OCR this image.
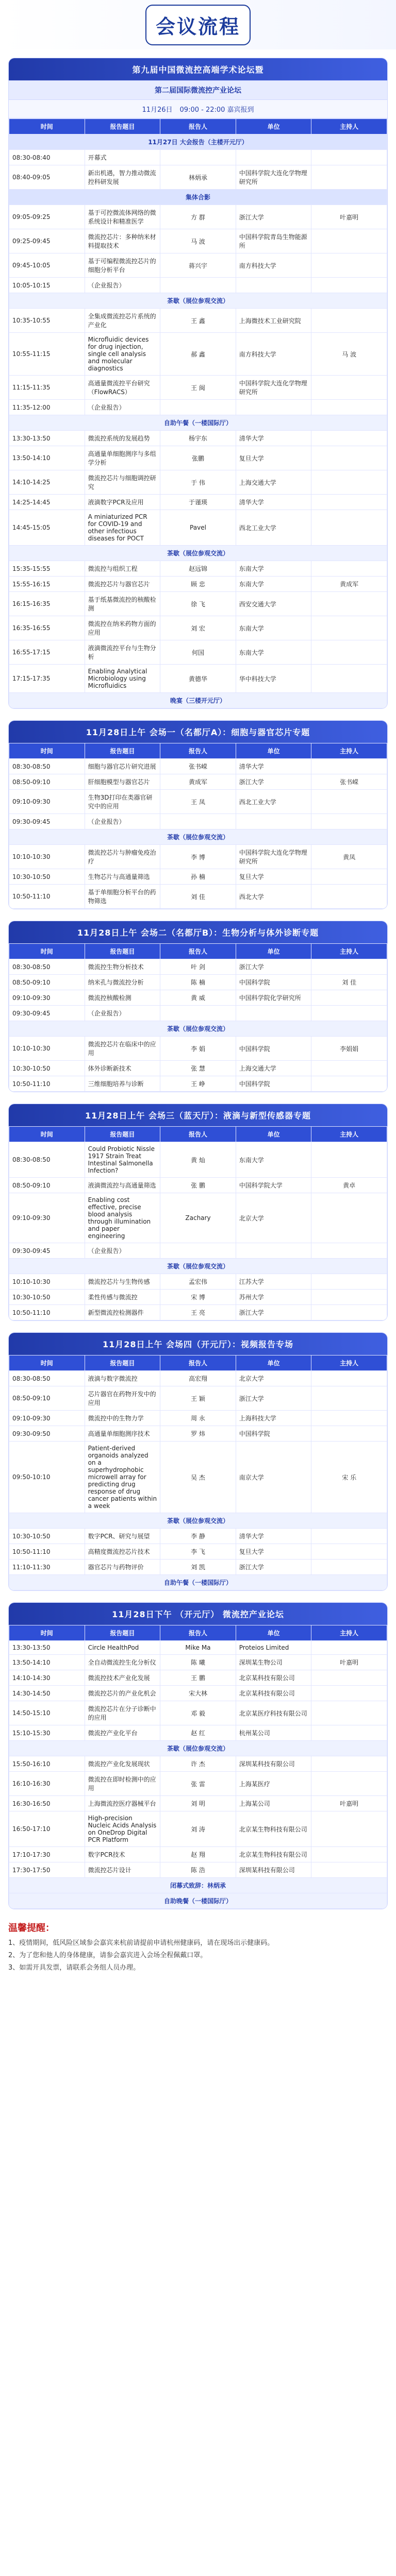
会议流程
第九届中国微流控高端学术论坛暨
第二届国际微流控产业论坛
11月26日 09:00 - 22:00 嘉宾报到
时间	报告题目	报告人	单位	主持人
11月27日 大会报告（主楼开元厅）				
08:30-08:40	开幕式			
08:40-09:05	新出机遇，智力推动微流控科研发展	林炳承	中国科学院大连化学物理研究所	
集体合影				
09:05-09:25	基于可控微流体网络的微系统设计和精准医学	方 群	浙江大学	叶嘉明
09:25-09:45	微流控芯片：多种纳米材料提取技术	马 波	中国科学院青岛生物能源所	
09:45-10:05	基于可编程微流控芯片的细胞分析平台	蒋兴宇	南方科技大学	
10:05-10:15	（企业报告）			
茶歇（展位参观交流）				
10:35-10:55	全集成微流控芯片系统的产业化	王 鑫	上海微技术工业研究院	
10:55-11:15	Microfluidic devices for drug injection, single cell analysis and molecular diagnostics	郝 鑫	南方科技大学	马 波
11:15-11:35	高通量微流控平台研究（FlowRACS）	王 闽	中国科学院大连化学物理研究所	
11:35-12:00	（企业报告）			
自助午餐（一楼国际厅）				
13:30-13:50	微流控系统的发展趋势	杨宇东	清华大学	
13:50-14:10	高通量单细胞测序与多组学分析	张鹏	复旦大学	
14:10-14:25	微流控芯片与细胞调控研究	于 伟	上海交通大学	
14:25-14:45	液滴数字PCR及应用	于谨瑛	清华大学	
14:45-15:05	A miniaturized PCR for COVID-19 and other infectious diseases for POCT	Pavel	西北工业大学	
茶歇（展位参观交流）				
15:35-15:55	微流控与组织工程	赵远锦	东南大学	
15:55-16:15	微流控芯片与器官芯片	顾 忠	东南大学	黄成军
16:15-16:35	基于纸基微流控的核酸检测	徐 飞	西安交通大学	
16:35-16:55	微流控在纳米药物方面的应用	刘 宏	东南大学	
16:55-17:15	液滴微流控平台与生物分析	何国	东南大学	
17:15-17:35	Enabling Analytical Microbiology using Microfluidics	黄德华	华中科技大学	
晚宴（三楼开元厅）				
11月28日上午 会场一（名都厅A）：细胞与器官芯片专题
时间	报告题目	报告人	单位	主持人
08:30-08:50	细胞与器官芯片研究进展	张书嵘	清华大学	
08:50-09:10	肝细胞模型与器官芯片	黄成军	浙江大学	张书嵘
09:10-09:30	生物3D打印在类器官研究中的应用	王 凤	西北工业大学	
09:30-09:45	（企业报告）			
茶歇（展位参观交流）				
10:10-10:30	微流控芯片与肿瘤免疫治疗	李 博	中国科学院大连化学物理研究所	黄凤
10:30-10:50	生物芯片与高通量筛选	孙 楠	复旦大学	
10:50-11:10	基于单细胞分析平台的药物筛选	刘 佳	西北大学	
11月28日上午 会场二（名都厅B）：生物分析与体外诊断专题
时间	报告题目	报告人	单位	主持人
08:30-08:50	微流控生物分析技术	叶 剑	浙江大学	
08:50-09:10	纳米孔与微流控分析	陈 楠	中国科学院	刘 佳
09:10-09:30	微流控核酸检测	黄 威	中国科学院化学研究所	
09:30-09:45	（企业报告）			
茶歇（展位参观交流）				
10:10-10:30	微流控芯片在临床中的应用	李 娟	中国科学院	李娟娟
10:30-10:50	体外诊断新技术	张 慧	上海交通大学	
10:50-11:10	三维细胞培养与诊断	王 峥	中国科学院	
11月28日上午 会场三（蓝天厅）：液滴与新型传感器专题
时间	报告题目	报告人	单位	主持人
08:30-08:50	Could Probiotic Nissle 1917 Strain Treat Intestinal Salmonella Infection?	黄 灿	东南大学	
08:50-09:10	液滴微流控与高通量筛选	张 鹏	中国科学院大学	黄卓
09:10-09:30	Enabling cost effective, precise blood analysis through illumination and paper engineering	Zachary	北京大学	
09:30-09:45	（企业报告）			
茶歇（展位参观交流）				
10:10-10:30	微流控芯片与生物传感	孟宏伟	江苏大学	
10:30-10:50	柔性传感与微流控	宋 博	苏州大学	
10:50-11:10	新型微流控检测器件	王 亮	浙江大学	
11月28日上午 会场四（开元厅）：视频报告专场
时间	报告题目	报告人	单位	主持人
08:30-08:50	液滴与数字微流控	高宏翔	北京大学	
08:50-09:10	芯片器官在药物开发中的应用	王 颖	浙江大学	
09:10-09:30	微流控中的生物力学	周 永	上海科技大学	
09:30-09:50	高通量单细胞测序技术	罗 炜	中国科学院	
09:50-10:10	Patient-derived organoids analyzed on a superhydrophobic microwell array for predicting drug response of drug cancer patients within a week	吴 杰	南京大学	宋 乐
茶歇（展位参观交流）				
10:30-10:50	数字PCR、研究与展望	李 静	清华大学	
10:50-11:10	高精度微流控芯片技术	李 飞	复旦大学	
11:10-11:30	器官芯片与药物评价	刘 凯	浙江大学	
自助午餐（一楼国际厅）				
11月28日下午 （开元厅） 微流控产业论坛
时间	报告题目	报告人	单位	主持人
13:30-13:50	Circle HealthPod	Mike Ma	Proteios Limited	
13:50-14:10	全自动微流控生化分析仪	陈 曦	深圳某生物公司	叶嘉明
14:10-14:30	微流控技术产业化发展	王 鹏	北京某科技有限公司	
14:30-14:50	微流控芯片的产业化机会	宋大林	北京某科技有限公司	
14:50-15:10	微流控芯片在分子诊断中的应用	邓 毅	北京某医疗科技有限公司	
15:10-15:30	微流控产业化平台	赵 红	杭州某公司	
茶歇（展位参观交流）				
15:50-16:10	微流控产业化发展现状	许 杰	深圳某科技有限公司	
16:10-16:30	微流控在即时检测中的应用	张 雷	上海某医疗	
16:30-16:50	上海微流控医疗器械平台	刘 明	上海某公司	叶嘉明
16:50-17:10	High-precision Nucleic Acids Analysis on OneDrop Digital PCR Platform	刘 涛	北京某生物科技有限公司	
17:10-17:30	数字PCR技术	赵 翔	北京某生物科技有限公司	
17:30-17:50	微流控芯片设计	陈 浩	深圳某科技有限公司	
闭幕式致辞：林炳承				
自助晚餐（一楼国际厅）				
温馨提醒：
1、疫情期间，低风险区域参会嘉宾来杭前请提前申请杭州健康码，请在现场出示健康码。
2、为了您和他人的身体健康，请参会嘉宾进入会场全程佩戴口罩。
3、如需开具发票，请联系会务组人员办理。
